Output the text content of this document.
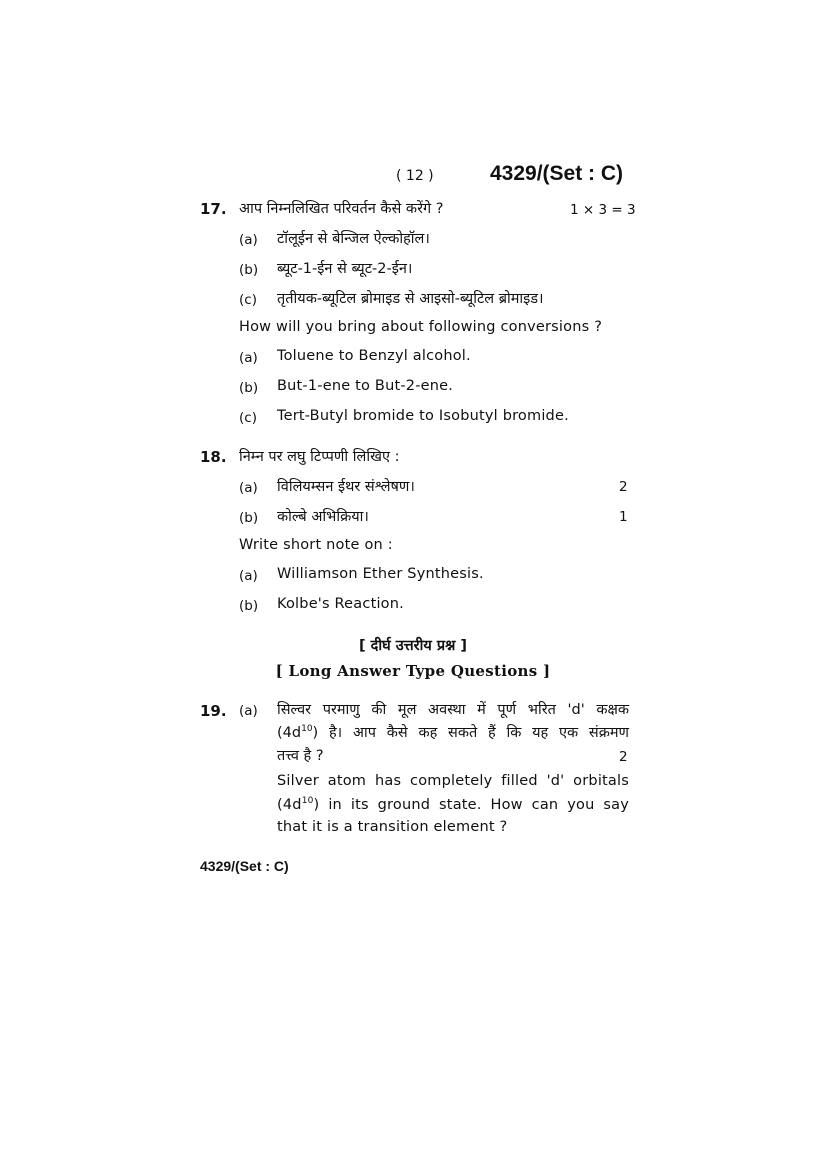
( 12 )	4329/(Set : C)
17. आप निम्नलिखित परिवर्तन कैसे करेंगे ?	1 × 3 = 3
(a) टॉलूईन से बेन्जिल ऐल्कोहॉल।
(b) ब्यूट-1-ईन से ब्यूट-2-ईन।
(c) तृतीयक-ब्यूटिल ब्रोमाइड से आइसो-ब्यूटिल ब्रोमाइड।
How will you bring about following conversions ?
(a) Toluene to Benzyl alcohol.
(b) But-1-ene to But-2-ene.
(c) Tert-Butyl bromide to Isobutyl bromide.
18. निम्न पर लघु टिप्पणी लिखिए :
(a) विलियम्सन ईथर संश्लेषण।	2
(b) कोल्बे अभिक्रिया।	1
Write short note on :
(a) Williamson Ether Synthesis.
(b) Kolbe's Reaction.
[ दीर्घ उत्तरीय प्रश्न ]
[ Long Answer Type Questions ]
19. (a) सिल्वर परमाणु की मूल अवस्था में पूर्ण भरित 'd' कक्षक
$(4d^{10})$ है। आप कैसे कह सकते हैं कि यह एक संक्रमण
तत्त्व है ?	2
Silver atom has completely filled 'd' orbitals
$(4d^{10})$ in its ground state. How can you say
that it is a transition element ?
4329/(Set : C)
